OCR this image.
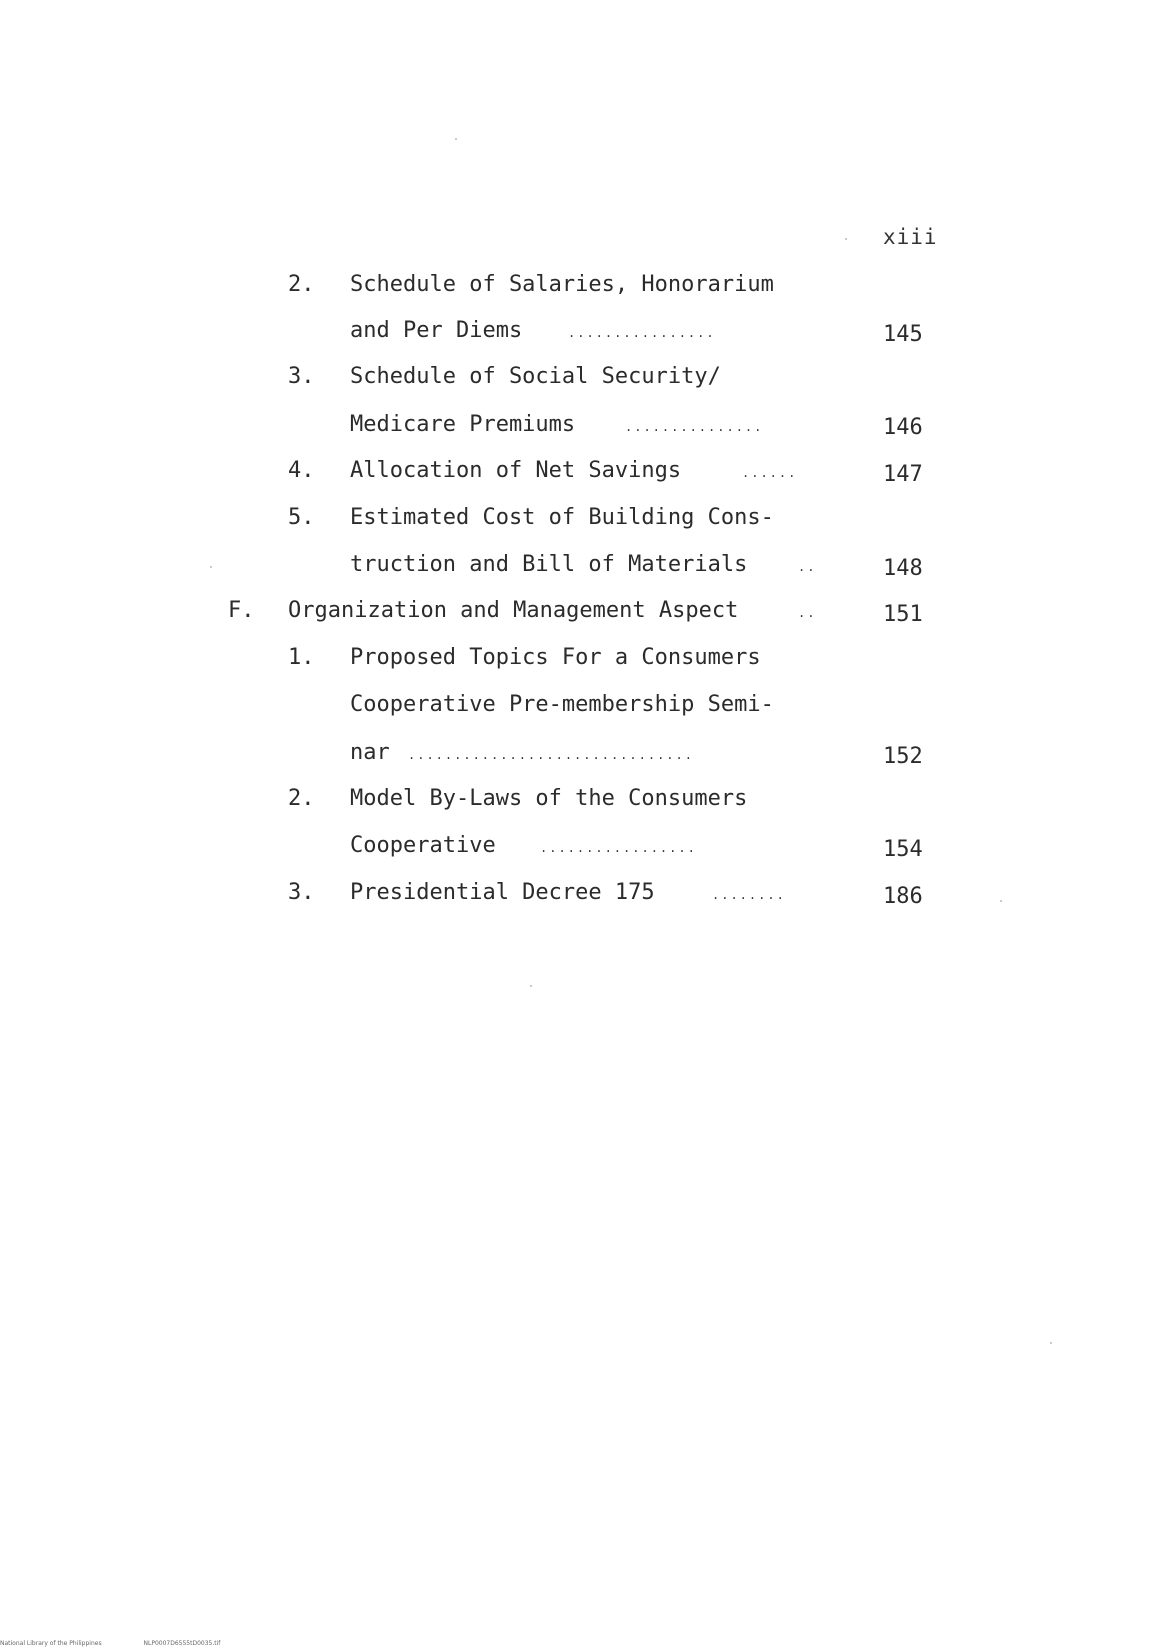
xiii
2. Schedule of Salaries, Honorarium
and Per Diems	................	145
3. Schedule of Social Security/
Medicare Premiums	...............	146
4. Allocation of Net Savings	......	147
5. Estimated Cost of Building Cons-
truction and Bill of Materials	..	148
F. Organization and Management Aspect	..	151
1. Proposed Topics For a Consumers
Cooperative Pre-membership Semi-
nar ...............................	152
2. Model By-Laws of the Consumers
Cooperative	.................	154
3. Presidential Decree 175	........	186
National Library of the Philippines	NLP0007D6555tD0035.tif
